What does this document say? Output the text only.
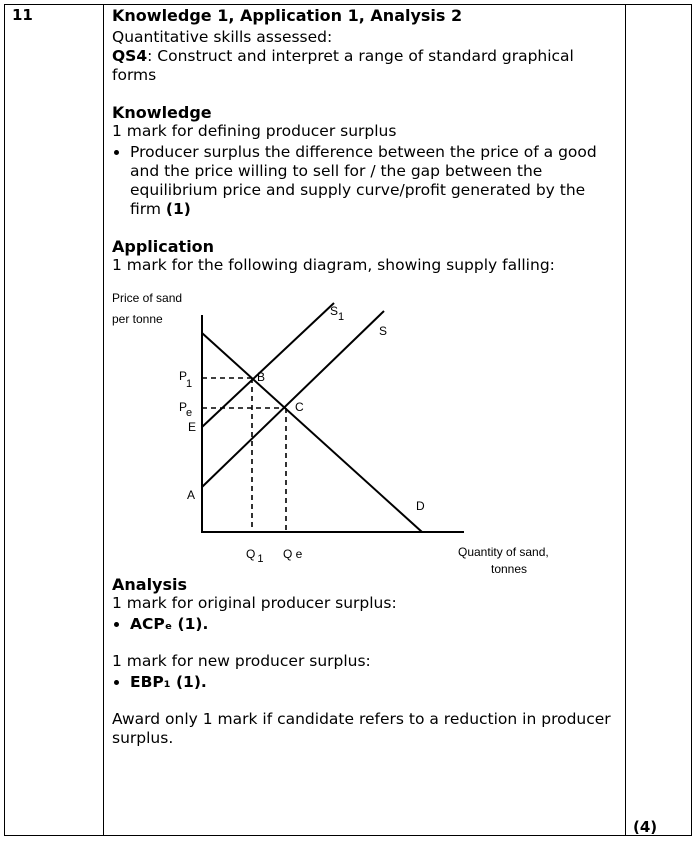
11
(4)

Knowledge 1, Application 1, Analysis 2

Quantitative skills assessed:

QS4: Construct and interpret a range of standard graphical forms

Knowledge

1 mark for defining producer surplus

• Producer surplus the difference between the price of a good and the price willing to sell for / the gap between the equilibrium price and supply curve/profit generated by the firm (1)

Application

1 mark for the following diagram, showing supply falling:

Price of sand
per tonne
Quantity of sand,
tonnes
S1
S
D
P1
Pe
E
A
B
C
Q 1 Q e

Analysis

1 mark for original producer surplus:

• ACPₑ (1).

1 mark for new producer surplus:

• EBP₁ (1).

Award only 1 mark if candidate refers to a reduction in producer surplus.
